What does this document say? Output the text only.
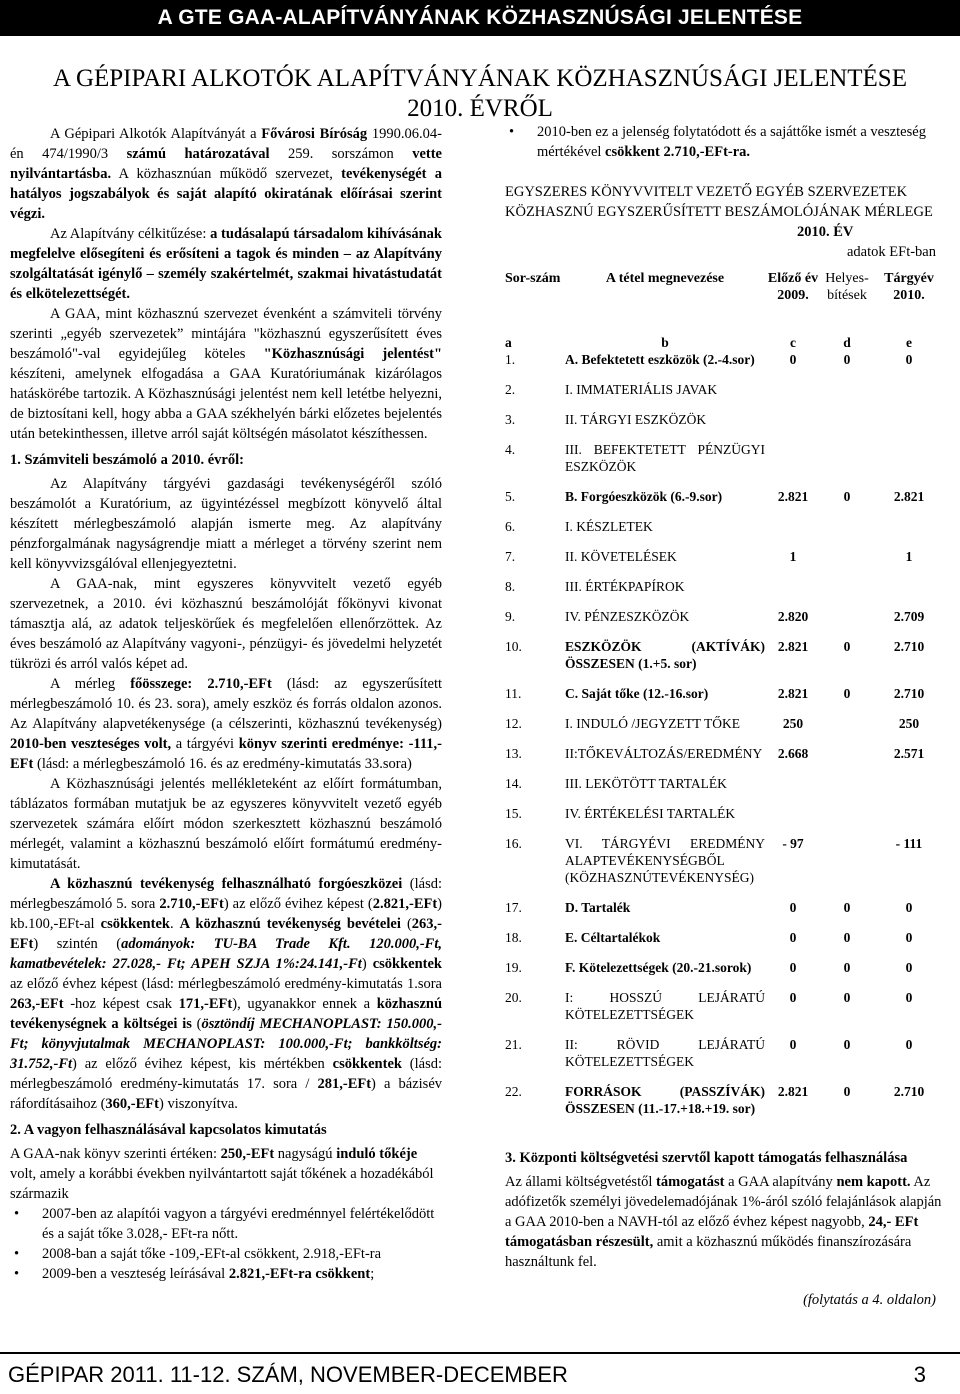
A GTE GAA-ALAPÍTVÁNYÁNAK KÖZHASZNÚSÁGI JELENTÉSE
A GÉPIPARI ALKOTÓK ALAPÍTVÁNYÁNAK KÖZHASZNÚSÁGI JELENTÉSE
2010. ÉVRŐL

A Gépipari Alkotók Alapítványát a Fővárosi Bíróság 1990.06.04-én 474/1990/3 számú határozatával 259. sorszámon vette nyilvántartásba. A közhasznúan működő szervezet, tevékenységét a hatályos jogszabályok és saját alapító okiratának előírásai szerint végzi.

Az Alapítvány célkitűzése: a tudásalapú társadalom kihívásának megfelelve elősegíteni és erősíteni a tagok és minden – az Alapítvány szolgáltatását igénylő – személy szakértelmét, szakmai hivatástudatát és elkötelezettségét.

A GAA, mint közhasznú szervezet évenként a számviteli törvény szerinti „egyéb szervezetek” mintájára "közhasznú egyszerűsített éves beszámoló"-val egyidejűleg köteles "Közhasznúsági jelentést" készíteni, amelynek elfogadása a GAA Kuratóriumának kizárólagos hatáskörébe tartozik. A Közhasznúsági jelentést nem kell letétbe helyezni, de biztosítani kell, hogy abba a GAA székhelyén bárki előzetes bejelentés után betekinthessen, illetve arról saját költségén másolatot készíthessen.

1. Számviteli beszámoló a 2010. évről:

Az Alapítvány tárgyévi gazdasági tevékenységéről szóló beszámolót a Kuratórium, az ügyintézéssel megbízott könyvelő által készített mérlegbeszámoló alapján ismerte meg. Az alapítvány pénzforgalmának nagyságrendje miatt a mérleget a törvény szerint nem kell könyvvizsgálóval ellenjegyeztetni.

A GAA-nak, mint egyszeres könyvvitelt vezető egyéb szervezetnek, a 2010. évi közhasznú beszámolóját főkönyvi kivonat támasztja alá, az adatok teljeskörűek és megfelelően ellenőrzöttek. Az éves beszámoló az Alapítvány vagyoni-, pénzügyi- és jövedelmi helyzetét tükrözi és arról valós képet ad.

A mérleg főösszege: 2.710,-EFt (lásd: az egyszerűsített mérlegbeszámoló 10. és 23. sora), amely eszköz és forrás oldalon azonos. Az Alapítvány alapvetékenysége (a célszerinti, közhasznú tevékenység) 2010-ben veszteséges volt, a tárgyévi könyv szerinti eredménye: -111,- EFt (lásd: a mérlegbeszámoló 16. és az eredmény-kimutatás 33.sora)

A Közhasznúsági jelentés mellékleteként az előírt formátumban, táblázatos formában mutatjuk be az egyszeres könyvvitelt vezető egyéb szervezetek számára előírt módon szerkesztett közhasznú beszámoló mérlegét, valamint a közhasznú beszámoló előírt formátumú eredmény-kimutatását.

A közhasznú tevékenység felhasználható forgóeszközei (lásd: mérlegbeszámoló 5. sora 2.710,-EFt) az előző évihez képest (2.821,-EFt) kb.100,-EFt-al csökkentek. A közhasznú tevékenység bevételei (263,-EFt) szintén (adományok: TU-BA Trade Kft. 120.000,-Ft, kamatbevételek: 27.028,- Ft; APEH SZJA 1%:24.141,-Ft) csökkentek az előző évhez képest (lásd: mérlegbeszámoló eredmény-kimutatás 1.sora 263,-EFt -hoz képest csak 171,-EFt), ugyanakkor ennek a közhasznú tevékenységnek a költségei is (ösztöndíj MECHANOPLAST: 150.000,-Ft; könyvjutalmak MECHANOPLAST: 100.000,-Ft; bankköltség: 31.752,-Ft) az előző évihez képest, kis mértékben csökkentek (lásd: mérlegbeszámoló eredmény-kimutatás 17. sora / 281,-EFt) a bázisév ráfordításaihoz (360,-EFt) viszonyítva.

2. A vagyon felhasználásával kapcsolatos kimutatás

A GAA-nak könyv szerinti értéken: 250,-EFt nagyságú induló tőkéje volt, amely a korábbi években nyilvántartott saját tőkének a hozadékából származik

• 2007-ben az alapítói vagyon a tárgyévi eredménnyel felértékelődött és a saját tőke 3.028,- EFt-ra nőtt.

• 2008-ban a saját tőke -109,-EFt-al csökkent, 2.918,-EFt-ra

• 2009-ben a veszteség leírásával 2.821,-EFt-ra csökkent;

• 2010-ben ez a jelenség folytatódott és a sajáttőke ismét a veszteség mértékével csökkent 2.710,-EFt-ra.

EGYSZERES KÖNYVVITELT VEZETŐ EGYÉB SZERVEZETEK KÖZHASZNÚ EGYSZERŰSÍTETT BESZÁMOLÓJÁNAK MÉRLEGE

2010. ÉV

adatok EFt-ban

Sor-szám	A tétel megnevezése	Előző év 2009.	Helyes-bítések	Tárgyév 2010.

a	b	c	d	e
1.	A. Befektetett eszközök (2.-4.sor)	0	0	0
2.	I. IMMATERIÁLIS JAVAK			
3.	II. TÁRGYI ESZKÖZÖK			
4.	III. BEFEKTETETT PÉNZÜGYI ESZKÖZÖK			
5.	B. Forgóeszközök (6.-9.sor)	2.821	0	2.821
6.	I. KÉSZLETEK			
7.	II. KÖVETELÉSEK	1		1
8.	III. ÉRTÉKPAPÍROK			
9.	IV. PÉNZESZKÖZÖK	2.820		2.709
10.	ESZKÖZÖK (AKTÍVÁK) ÖSSZESEN (1.+5. sor)	2.821	0	2.710
11.	C. Saját tőke (12.-16.sor)	2.821	0	2.710
12.	I. INDULÓ /JEGYZETT TŐKE	250		250
13.	II:TŐKEVÁLTOZÁS/EREDMÉNY	2.668		2.571
14.	III. LEKÖTÖTT TARTALÉK			
15.	IV. ÉRTÉKELÉSI TARTALÉK			
16.	VI. TÁRGYÉVI EREDMÉNY ALAPTEVÉKENYSÉGBŐL (KÖZHASZNÚTEVÉKENYSÉG)	- 97		- 111
17.	D. Tartalék	0	0	0
18.	E. Céltartalékok	0	0	0
19.	F. Kötelezettségek (20.-21.sorok)	0	0	0
20.	I: HOSSZÚ LEJÁRATÚ KÖTELEZETTSÉGEK	0	0	0
21.	II: RÖVID LEJÁRATÚ KÖTELEZETTSÉGEK	0	0	0
22.	FORRÁSOK (PASSZÍVÁK) ÖSSZESEN (11.-17.+18.+19. sor)	2.821	0	2.710

3. Központi költségvetési szervtől kapott támogatás felhasználása

Az állami költségvetéstől támogatást a GAA alapítvány nem kapott. Az adófizetők személyi jövedelemadójának 1%-áról szóló felajánlások alapján a GAA 2010-ben a NAVH-tól az előző évhez képest nagyobb, 24,- EFt támogatásban részesült, amit a közhasznú működés finanszírozására használtunk fel.

(folytatás a 4. oldalon)

GÉPIPAR 2011. 11-12. SZÁM, NOVEMBER-DECEMBER	3
